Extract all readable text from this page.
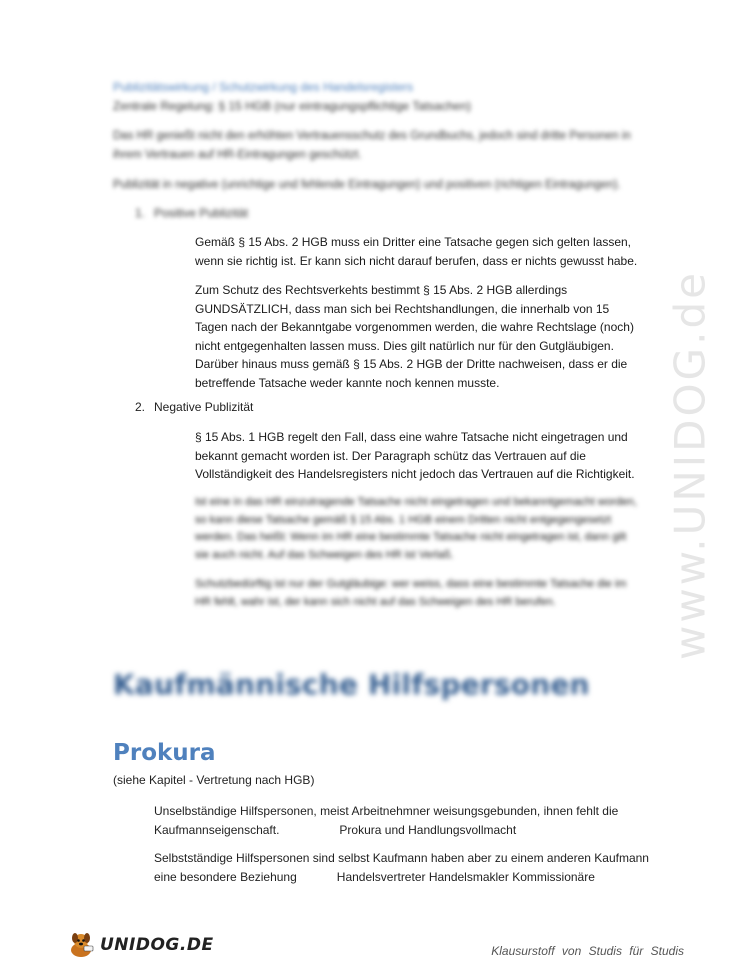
www.UNIDOG.de
Publizitätswirkung / Schutzwirkung des Handelsregisters
Zentrale Regelung: § 15 HGB (nur eintragungspflichtige Tatsachen)
Das HR genießt nicht den erhöhten Vertrauensschutz des Grundbuchs, jedoch sind dritte Personen in ihrem Vertrauen auf HR-Eintragungen geschützt.
Publizität in negative (unrichtige und fehlende Eintragungen) und positiven (richtigen Eintragungen).
1. Positive Publizität
Gemäß § 15 Abs. 2 HGB muss ein Dritter eine Tatsache gegen sich gelten lassen, wenn sie richtig ist. Er kann sich nicht darauf berufen, dass er nichts gewusst habe.
Zum Schutz des Rechtsverkehts bestimmt § 15 Abs. 2 HGB allerdings GUNDSÄTZLICH, dass man sich bei Rechtshandlungen, die innerhalb von 15 Tagen nach der Bekanntgabe vorgenommen werden, die wahre Rechtslage (noch) nicht entgegenhalten lassen muss. Dies gilt natürlich nur für den Gutgläubigen. Darüber hinaus muss gemäß § 15 Abs. 2 HGB der Dritte nachweisen, dass er die betreffende Tatsache weder kannte noch kennen musste.
2. Negative Publizität
§ 15 Abs. 1 HGB regelt den Fall, dass eine wahre Tatsache nicht eingetragen und bekannt gemacht worden ist. Der Paragraph schütz das Vertrauen auf die Vollständigkeit des Handelsregisters nicht jedoch das Vertrauen auf die Richtigkeit.
Ist eine in das HR einzutragende Tatsache nicht eingetragen und bekanntgemacht worden, so kann diese Tatsache gemäß § 15 Abs. 1 HGB einem Dritten nicht entgegengesetzt werden. Das heißt: Wenn im HR eine bestimmte Tatsache nicht eingetragen ist, dann gilt sie auch nicht. Auf das Schweigen des HR ist Verlaß.
Schutzbedürftig ist nur der Gutgläubige: wer weiss, dass eine bestimmte Tatsache die im HR fehlt, wahr ist, der kann sich nicht auf das Schweigen des HR berufen.
Kaufmännische Hilfspersonen
Prokura
(siehe Kapitel - Vertretung nach HGB)
Unselbständige Hilfspersonen, meist Arbeitnehmner weisungsgebunden, ihnen fehlt die
Kaufmannseigenschaft.	Prokura und Handlungsvollmacht
Selbstständige Hilfspersonen sind selbst Kaufmann haben aber zu einem anderen Kaufmann
eine besondere Beziehung	Handelsvertreter Handelsmakler Kommissionäre
UNIDOG.DE	Klausurstoff von Studis für Studis
